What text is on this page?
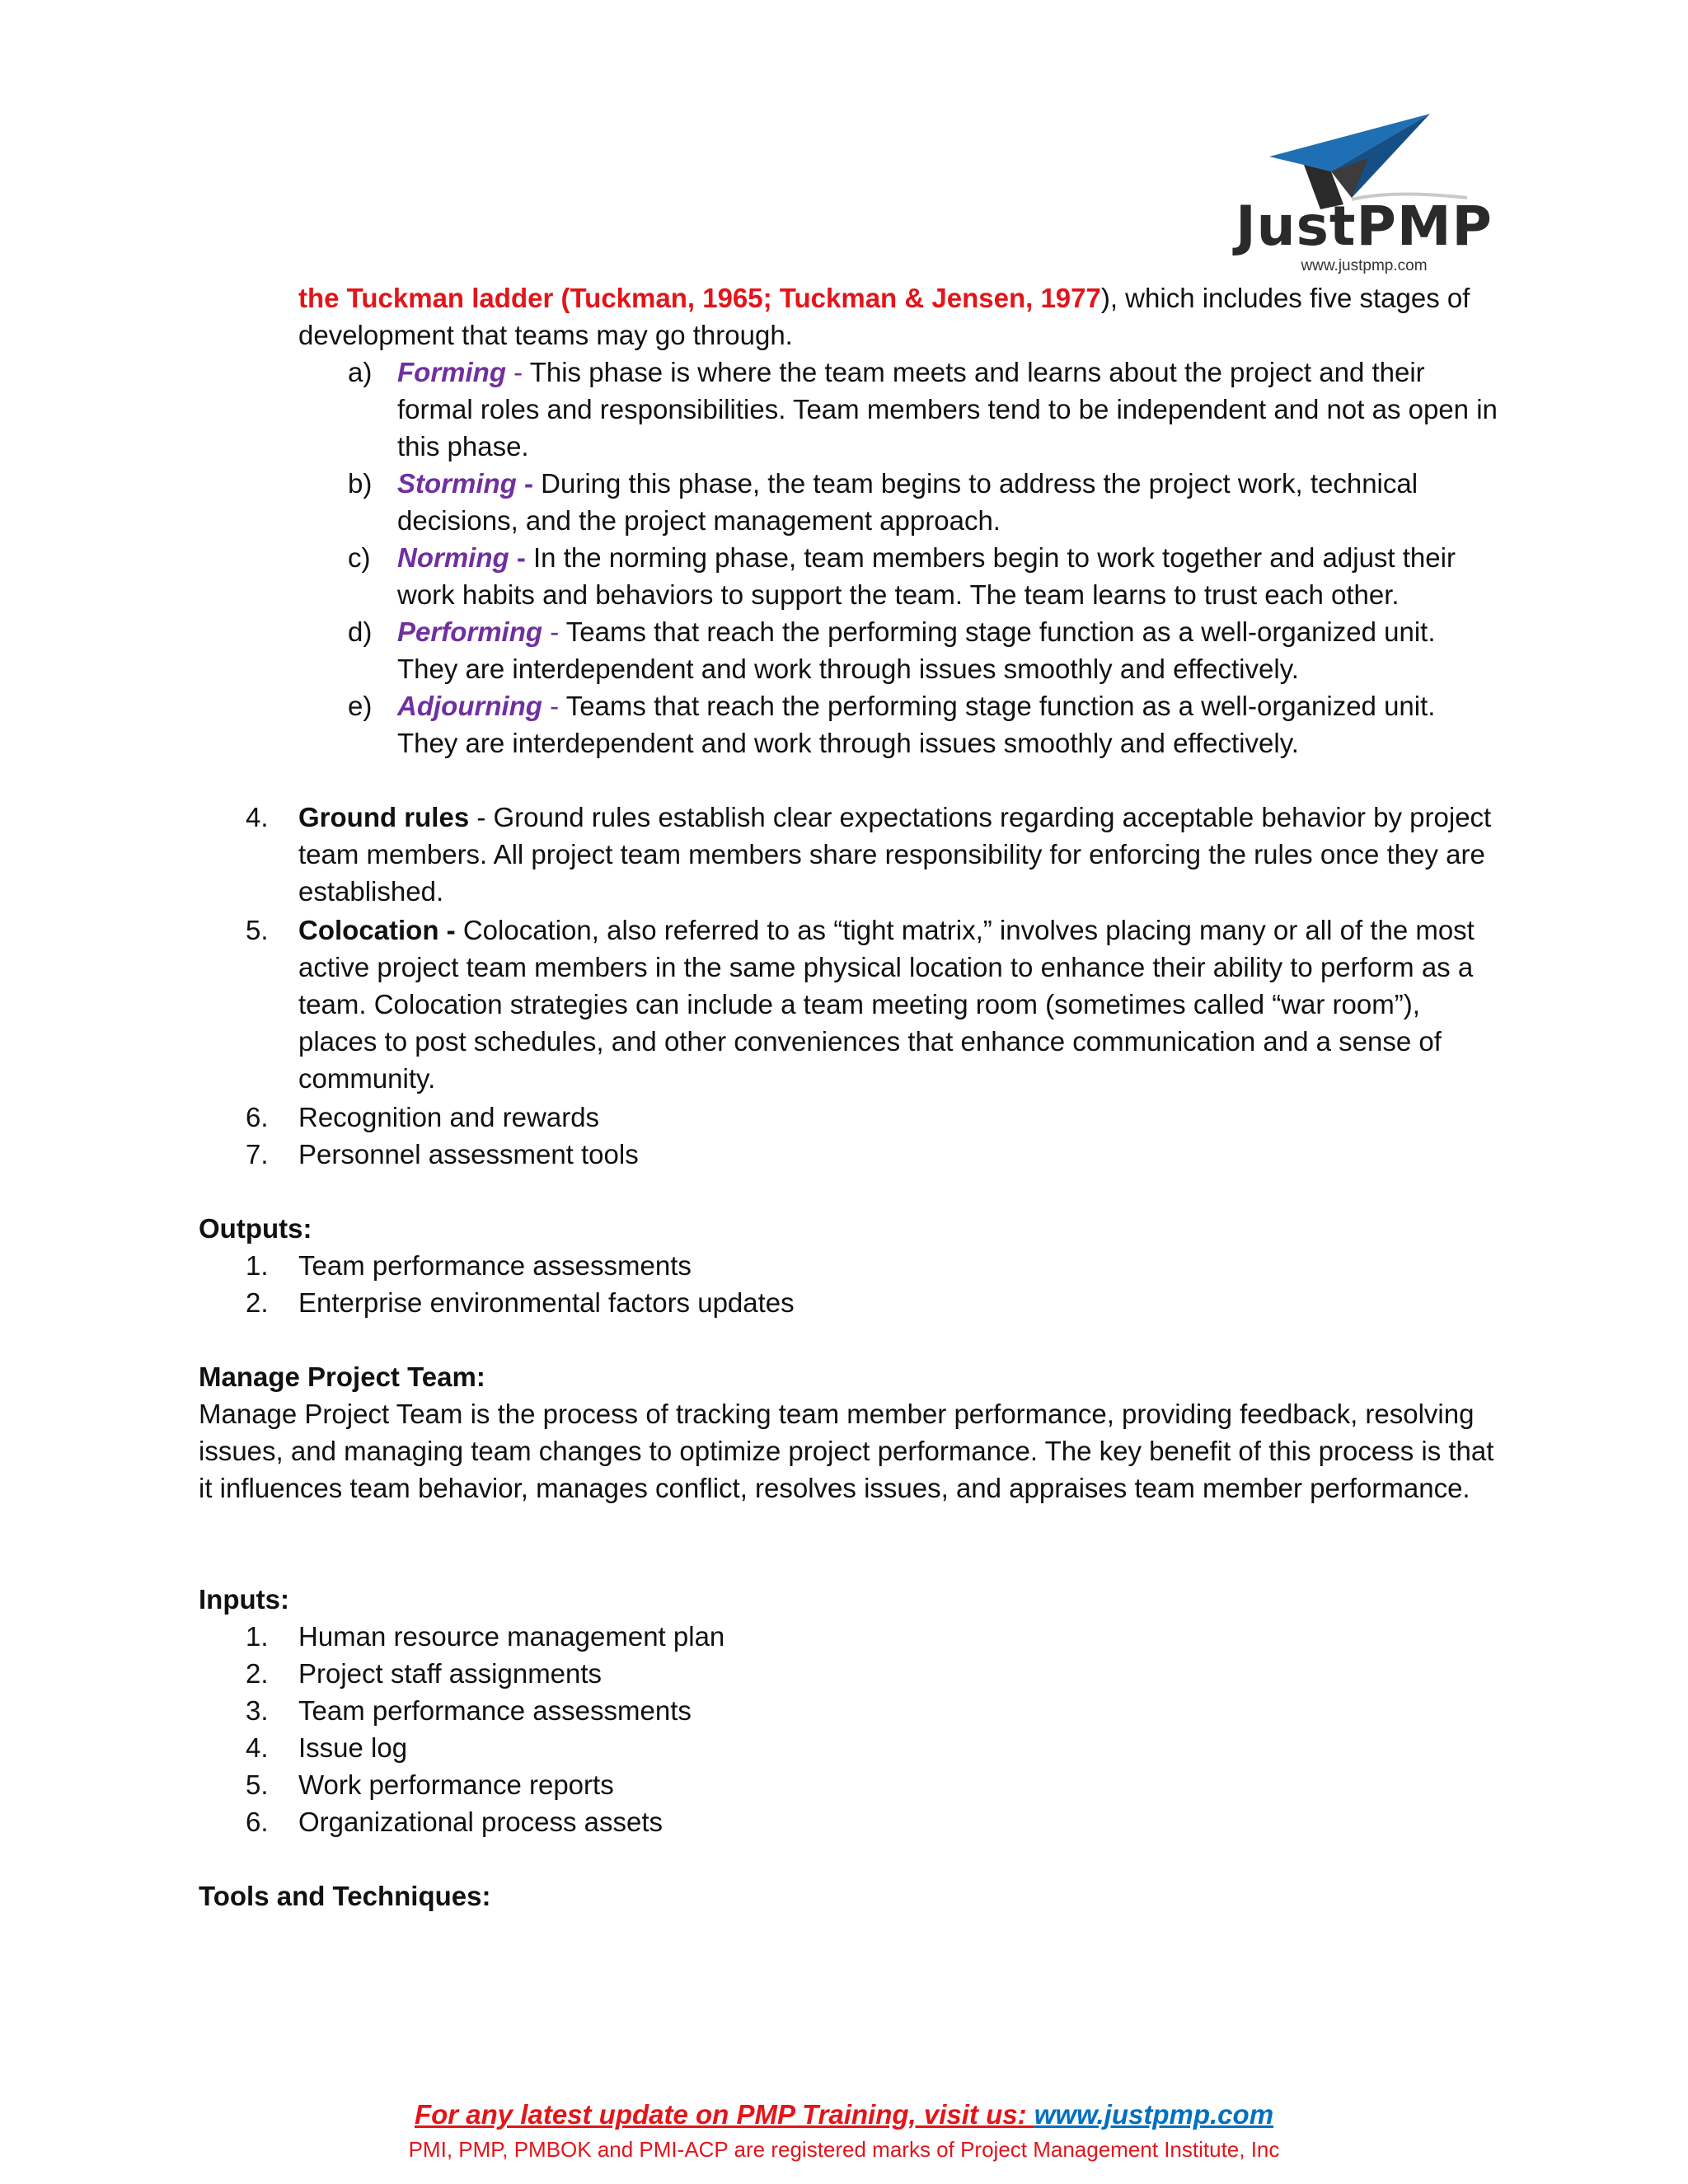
JustPMP
www.justpmp.com
the Tuckman ladder (Tuckman, 1965; Tuckman & Jensen, 1977), which includes five stages of
development that teams may go through.
a) Forming - This phase is where the team meets and learns about the project and their formal roles and responsibilities. Team members tend to be independent and not as open in this phase.
b) Storming - During this phase, the team begins to address the project work, technical decisions, and the project management approach.
c) Norming - In the norming phase, team members begin to work together and adjust their work habits and behaviors to support the team. The team learns to trust each other.
d) Performing - Teams that reach the performing stage function as a well-organized unit. They are interdependent and work through issues smoothly and effectively.
e) Adjourning - Teams that reach the performing stage function as a well-organized unit. They are interdependent and work through issues smoothly and effectively.
4.	Ground rules - Ground rules establish clear expectations regarding acceptable behavior by project team members. All project team members share responsibility for enforcing the rules once they are established.
5.	Colocation - Colocation, also referred to as “tight matrix,” involves placing many or all of the most active project team members in the same physical location to enhance their ability to perform as a team. Colocation strategies can include a team meeting room (sometimes called “war room”), places to post schedules, and other conveniences that enhance communication and a sense of community.
6.	Recognition and rewards
7.	Personnel assessment tools
Outputs:
1.	Team performance assessments
2.	Enterprise environmental factors updates
Manage Project Team:
Manage Project Team is the process of tracking team member performance, providing feedback, resolving issues, and managing team changes to optimize project performance. The key benefit of this process is that it influences team behavior, manages conflict, resolves issues, and appraises team member performance.
Inputs:
1.	Human resource management plan
2.	Project staff assignments
3.	Team performance assessments
4.	Issue log
5.	Work performance reports
6.	Organizational process assets
Tools and Techniques:
For any latest update on PMP Training, visit us: www.justpmp.com
PMI, PMP, PMBOK and PMI-ACP are registered marks of Project Management Institute, Inc
